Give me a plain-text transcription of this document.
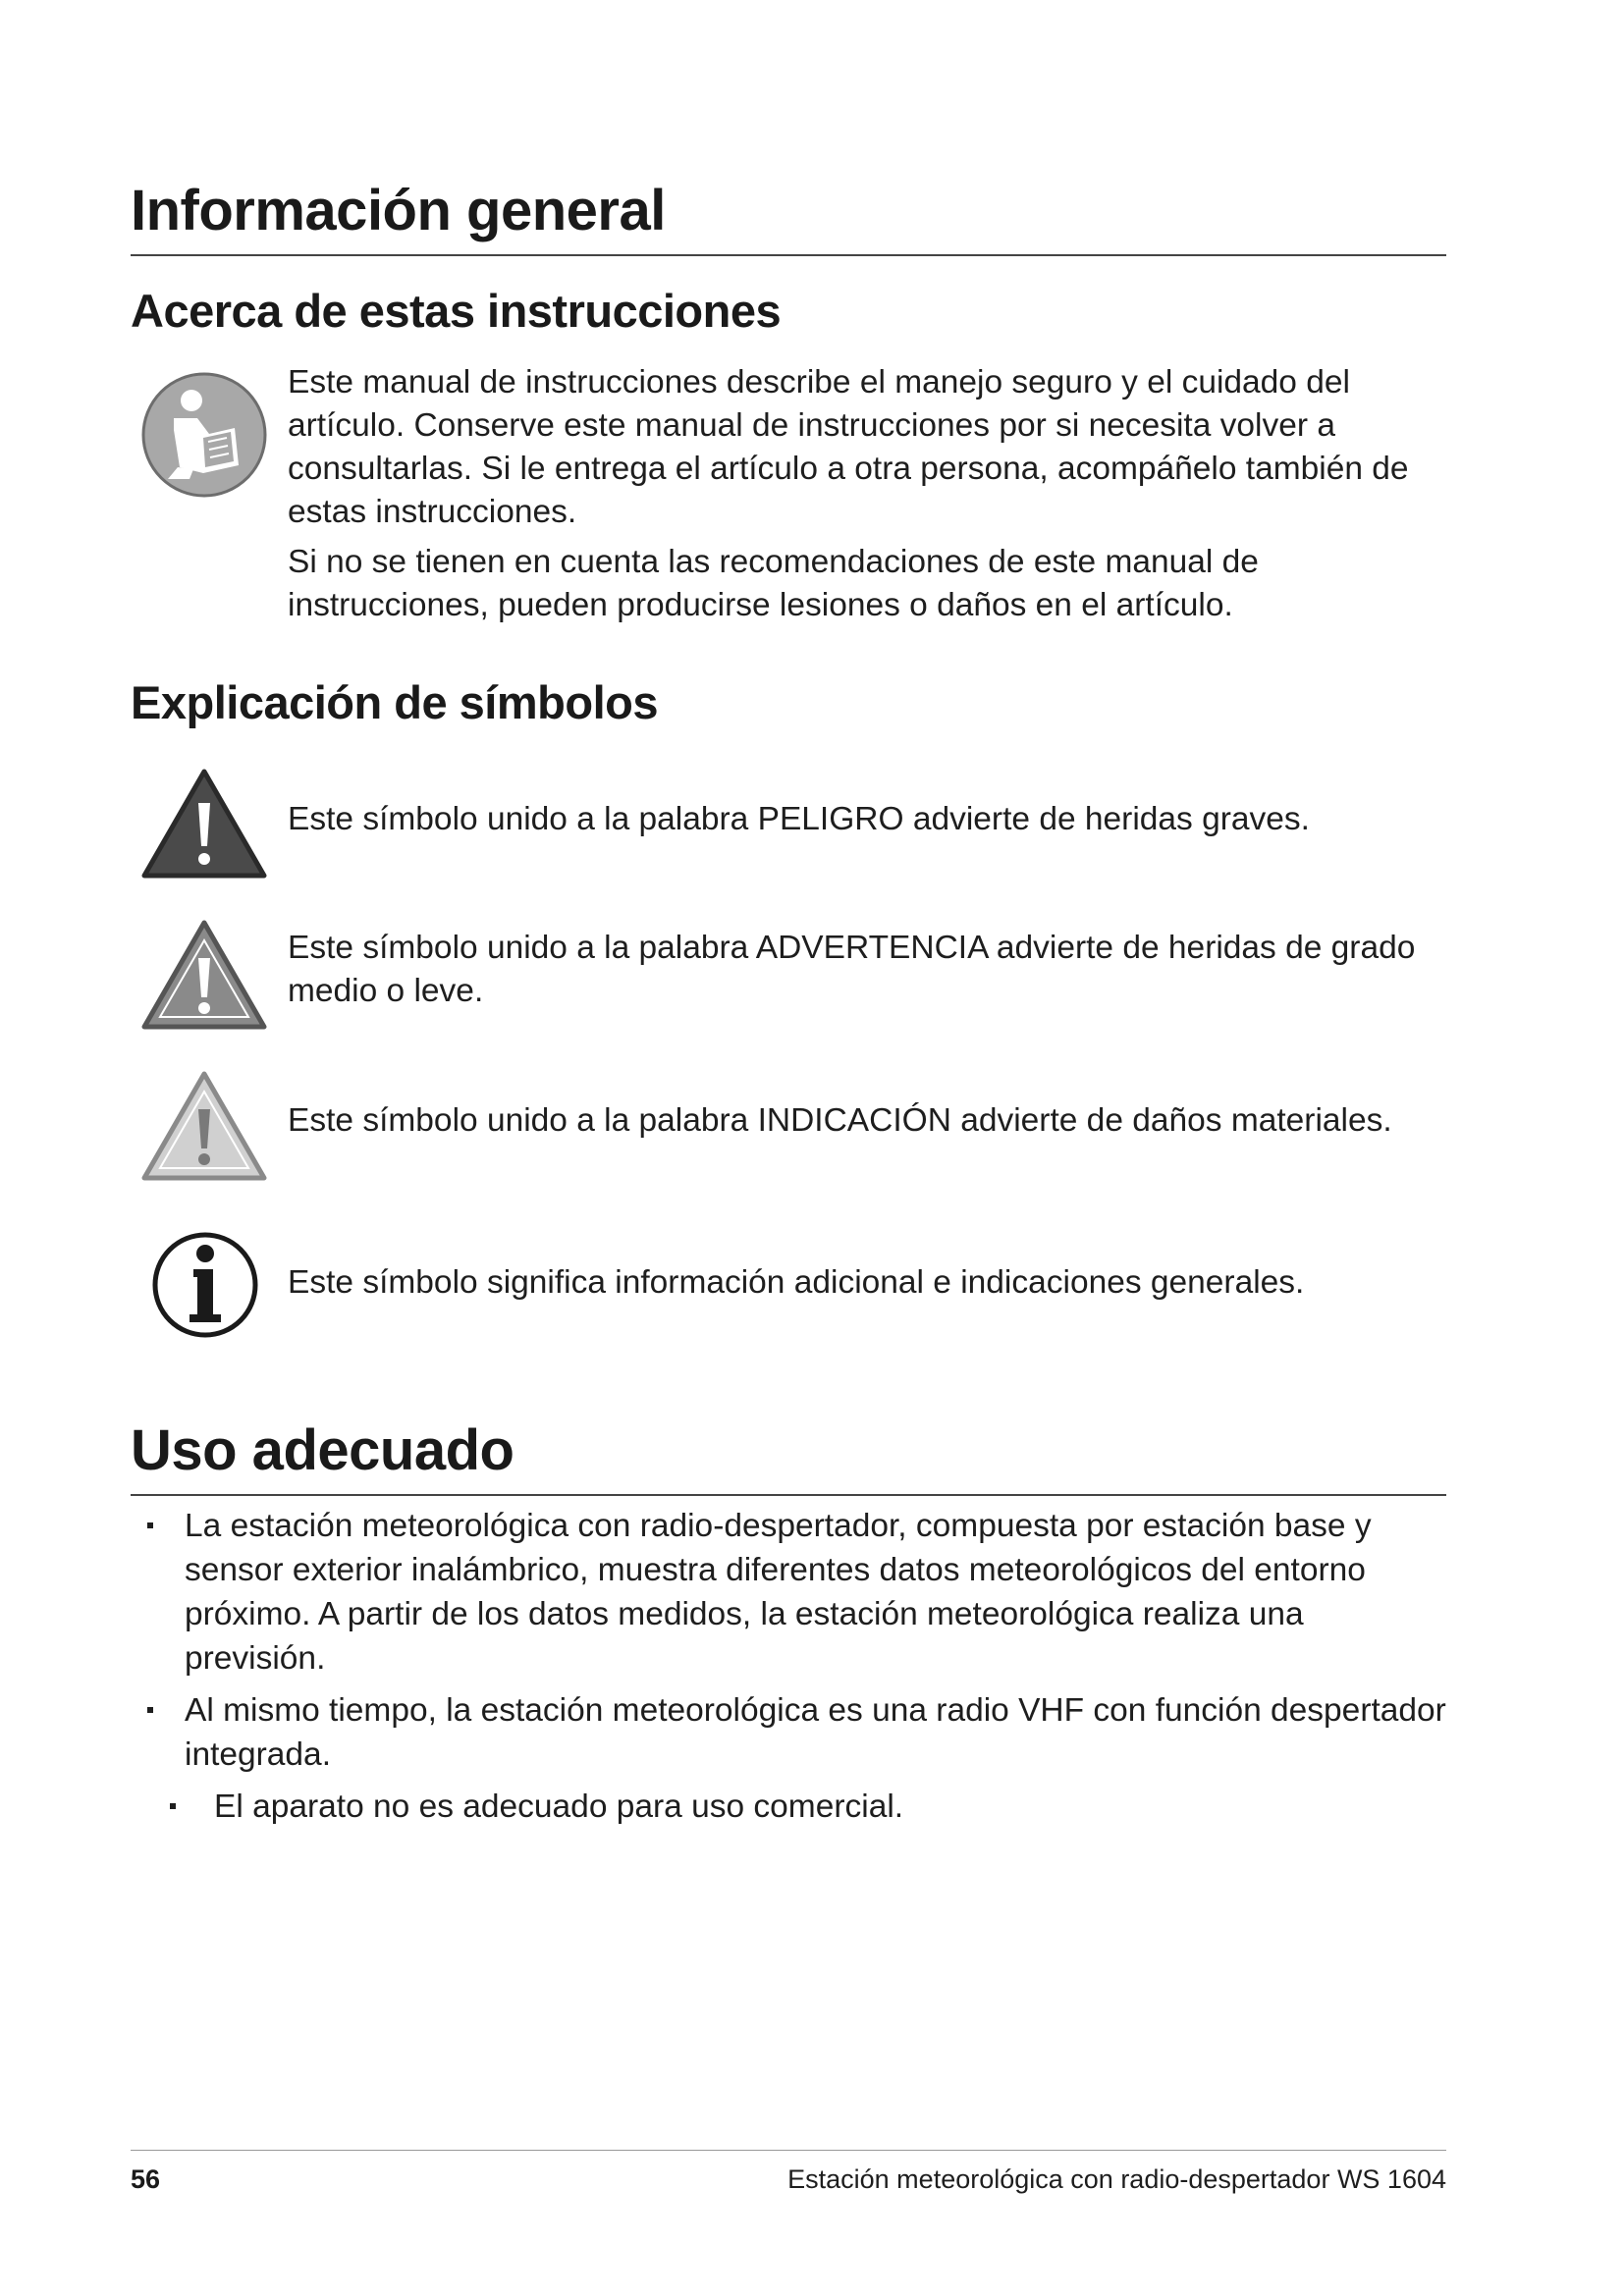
Información general
Acerca de estas instrucciones

Este manual de instrucciones describe el manejo seguro y el cuidado del artículo. Conserve este manual de instrucciones por si necesita volver a consultarlas. Si le entrega el artículo a otra persona, acompáñelo también de estas instrucciones.

Si no se tienen en cuenta las recomendaciones de este manual de instrucciones, pueden producirse lesiones o daños en el artículo.

Explicación de símbolos

Este símbolo unido a la palabra PELIGRO advierte de heridas graves.

Este símbolo unido a la palabra ADVERTENCIA advierte de heridas de grado medio o leve.

Este símbolo unido a la palabra INDICACIÓN advierte de daños materiales.

Este símbolo significa información adicional e indicaciones generales.

Uso adecuado
La estación meteorológica con radio-despertador, compuesta por estación base y sensor exterior inalámbrico, muestra diferentes datos meteorológicos del entorno próximo. A partir de los datos medidos, la estación meteorológica realiza una previsión.
Al mismo tiempo, la estación meteorológica es una radio VHF con función despertador integrada.
El aparato no es adecuado para uso comercial.
56	Estación meteorológica con radio-despertador WS 1604
